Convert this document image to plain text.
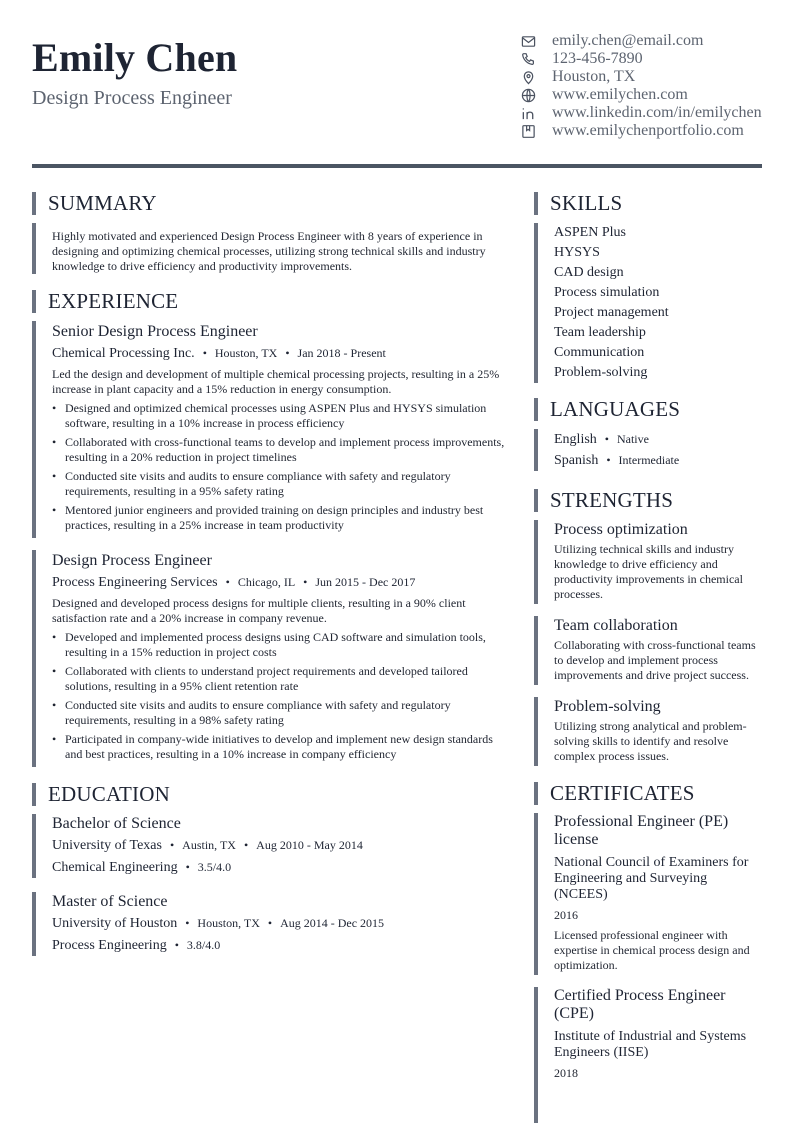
Emily Chen
Design Process Engineer
emily.chen@email.com
123-456-7890
Houston, TX
www.emilychen.com
www.linkedin.com/in/emilychen
www.emilychenportfolio.com
SUMMARY
Highly motivated and experienced Design Process Engineer with 8 years of experience in designing and optimizing chemical processes, utilizing strong technical skills and industry knowledge to drive efficiency and productivity improvements.
EXPERIENCE
Senior Design Process Engineer
Chemical Processing Inc. • Houston, TX • Jan 2018 - Present
Led the design and development of multiple chemical processing projects, resulting in a 25% increase in plant capacity and a 15% reduction in energy consumption.
• Designed and optimized chemical processes using ASPEN Plus and HYSYS simulation software, resulting in a 10% increase in process efficiency
• Collaborated with cross-functional teams to develop and implement process improvements, resulting in a 20% reduction in project timelines
• Conducted site visits and audits to ensure compliance with safety and regulatory requirements, resulting in a 95% safety rating
• Mentored junior engineers and provided training on design principles and industry best practices, resulting in a 25% increase in team productivity
Design Process Engineer
Process Engineering Services • Chicago, IL • Jun 2015 - Dec 2017
Designed and developed process designs for multiple clients, resulting in a 90% client satisfaction rate and a 20% increase in company revenue.
• Developed and implemented process designs using CAD software and simulation tools, resulting in a 15% reduction in project costs
• Collaborated with clients to understand project requirements and developed tailored solutions, resulting in a 95% client retention rate
• Conducted site visits and audits to ensure compliance with safety and regulatory requirements, resulting in a 98% safety rating
• Participated in company-wide initiatives to develop and implement new design standards and best practices, resulting in a 10% increase in company efficiency
EDUCATION
Bachelor of Science
University of Texas • Austin, TX • Aug 2010 - May 2014
Chemical Engineering • 3.5/4.0
Master of Science
University of Houston • Houston, TX • Aug 2014 - Dec 2015
Process Engineering • 3.8/4.0
SKILLS
ASPEN Plus
HYSYS
CAD design
Process simulation
Project management
Team leadership
Communication
Problem-solving
LANGUAGES
English • Native
Spanish • Intermediate
STRENGTHS
Process optimization
Utilizing technical skills and industry knowledge to drive efficiency and productivity improvements in chemical processes.
Team collaboration
Collaborating with cross-functional teams to develop and implement process improvements and drive project success.
Problem-solving
Utilizing strong analytical and problem-solving skills to identify and resolve complex process issues.
CERTIFICATES
Professional Engineer (PE) license
National Council of Examiners for Engineering and Surveying (NCEES)
2016
Licensed professional engineer with expertise in chemical process design and optimization.
Certified Process Engineer (CPE)
Institute of Industrial and Systems Engineers (IISE)
2018
